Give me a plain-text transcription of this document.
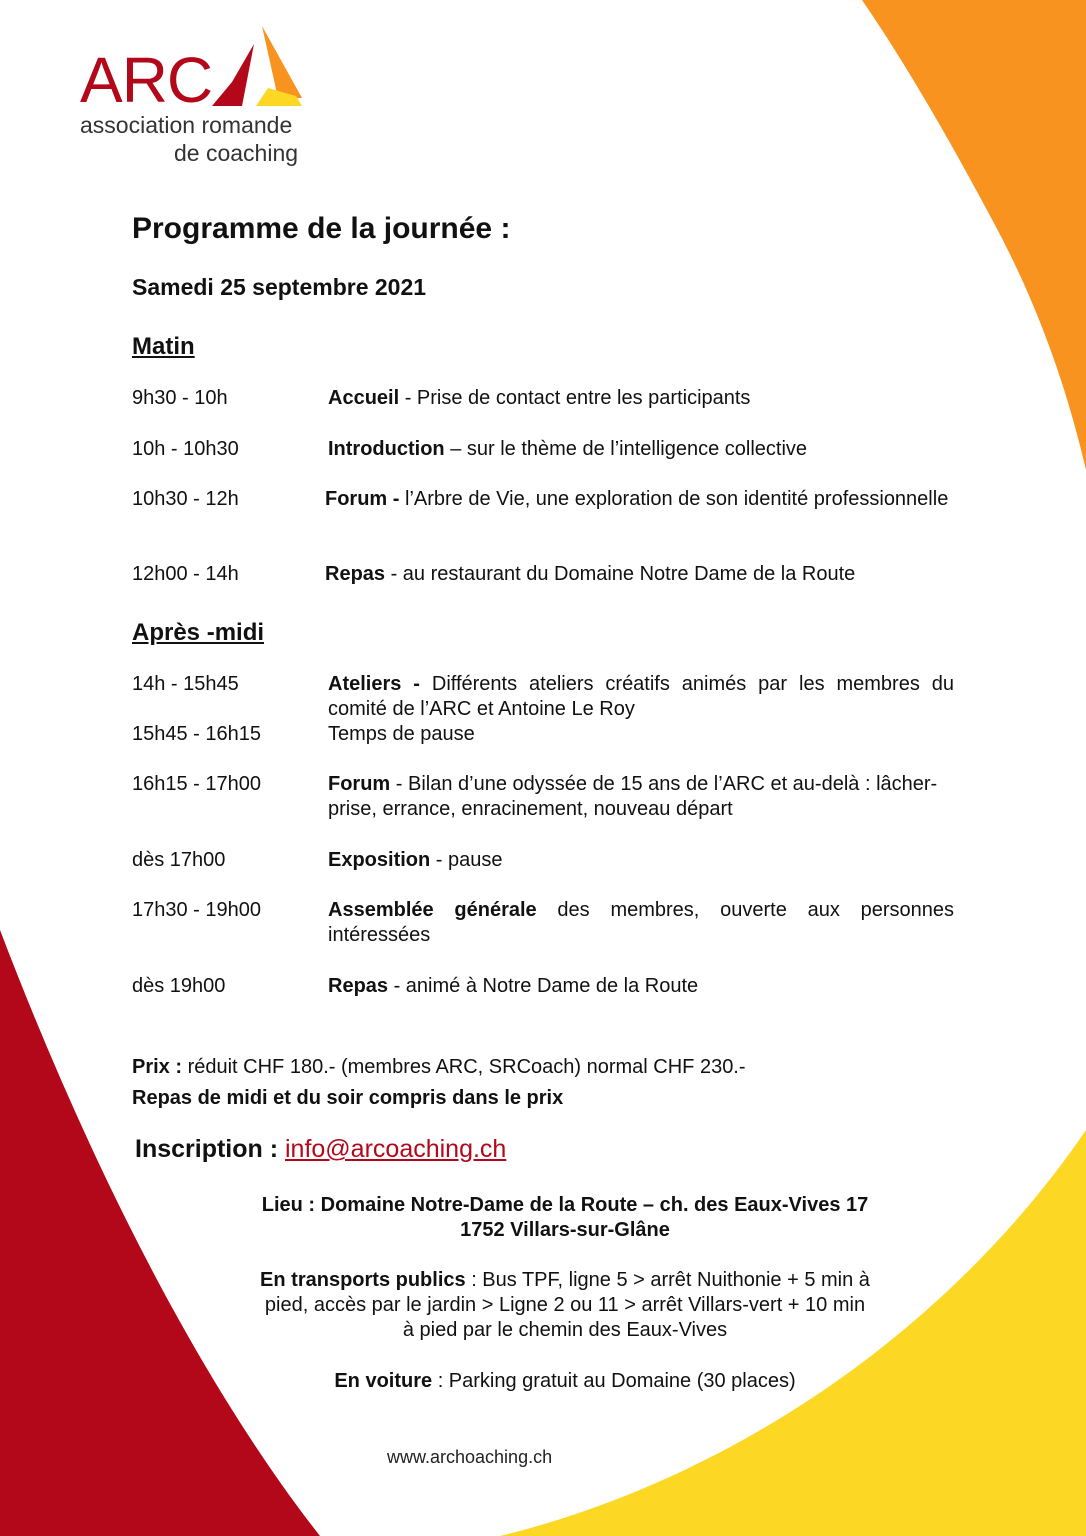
ARC
association romande
de coaching
Programme de la journée :
Samedi 25 septembre 2021
Matin
9h30 - 10h	Accueil - Prise de contact entre les participants
10h - 10h30	Introduction – sur le thème de l’intelligence collective
10h30 - 12h	Forum - l’Arbre de Vie, une exploration de son identité professionnelle
12h00 - 14h	Repas - au restaurant du Domaine Notre Dame de la Route
Après -midi
14h - 15h45	Ateliers - Différents ateliers créatifs animés par les membres du comité de l’ARC et Antoine Le Roy
15h45 - 16h15	Temps de pause
16h15 - 17h00	Forum - Bilan d’une odyssée de 15 ans de l’ARC et au-delà : lâcher-prise, errance, enracinement, nouveau départ
dès 17h00	Exposition - pause
17h30 - 19h00	Assemblée générale des membres, ouverte aux personnes intéressées
dès 19h00	Repas - animé à Notre Dame de la Route
Prix : réduit CHF 180.- (membres ARC, SRCoach) normal CHF 230.-
Repas de midi et du soir compris dans le prix
Inscription : info@arcoaching.ch
Lieu : Domaine Notre-Dame de la Route – ch. des Eaux-Vives 17
1752 Villars-sur-Glâne
En transports publics : Bus TPF, ligne 5 > arrêt Nuithonie + 5 min à
pied, accès par le jardin > Ligne 2 ou 11 > arrêt Villars-vert + 10 min
à pied par le chemin des Eaux-Vives
En voiture : Parking gratuit au Domaine (30 places)
www.archoaching.ch
